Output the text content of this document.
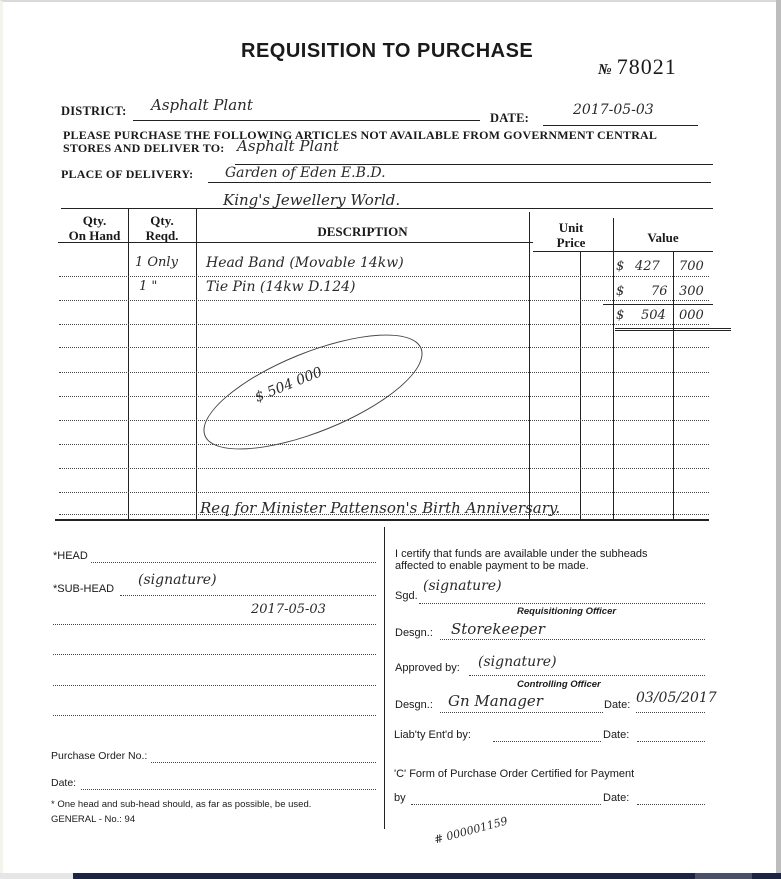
REQUISITION TO PURCHASE
№ 78021
DISTRICT: Asphalt Plant
DATE:	2017-05-03
PLEASE PURCHASE THE FOLLOWING ARTICLES NOT AVAILABLE FROM GOVERNMENT CENTRAL
STORES AND DELIVER TO: Asphalt Plant
PLACE OF DELIVERY: Garden of Eden E.B.D.
King's Jewellery World.
Qty.
On Hand
Qty.
Reqd.	DESCRIPTION	Unit
Price	Value
1 Only Head Band (Movable 14kw)	$ 427 700
1 "	Tie Pin (14kw D.124)	$ 76 300
$ 504 000
$ 504 000
Req for Minister Pattenson's Birth Anniversary.
*HEAD
*SUB-HEAD
(signature)
2017-05-03
Purchase Order No.:
Date:
* One head and sub-head should, as far as possible, be used.
GENERAL - No.: 94
I certify that funds are available under the subheads
affected to enable payment to be made.
Sgd.
(signature)
Requisitioning Officer
Desgn.: Storekeeper
Approved by: (signature)
Controlling Officer
Desgn.: Gn Manager	Date: 03/05/2017
Liab'ty Ent'd by:	Date:
'C' Form of Purchase Order Certified for Payment
by	Date:
# 000001159
